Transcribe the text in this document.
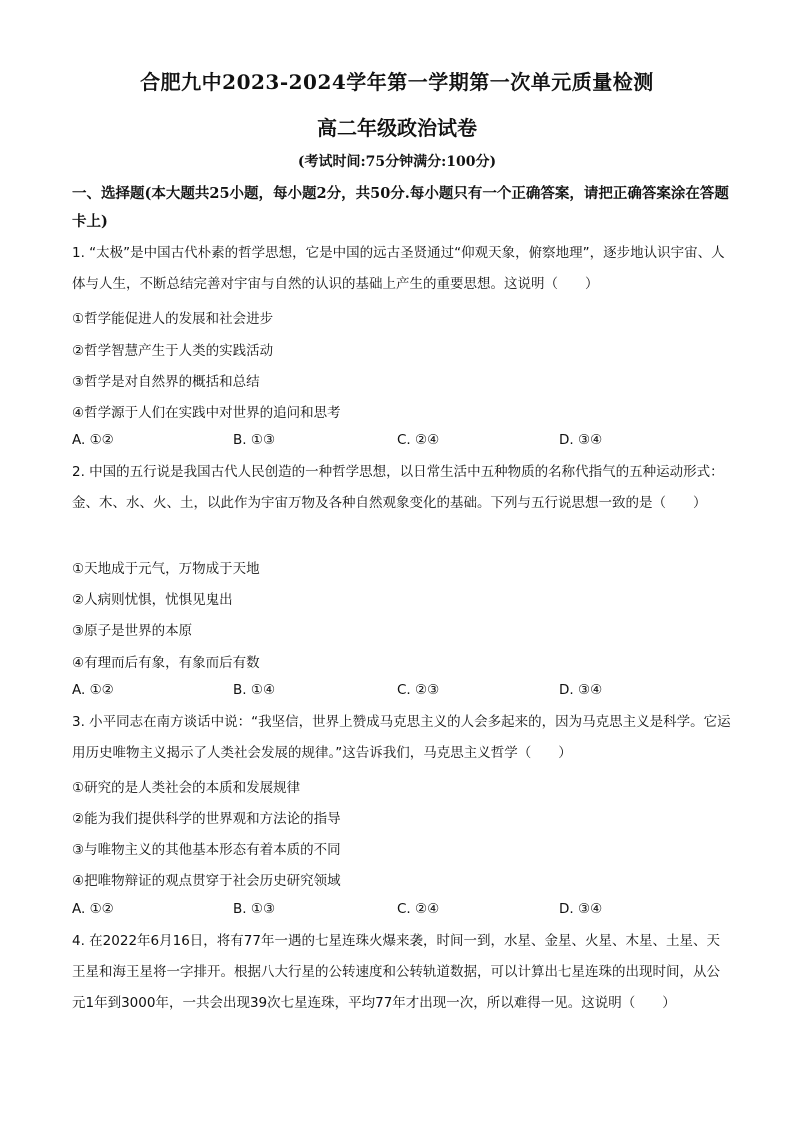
合肥九中2023-2024学年第一学期第一次单元质量检测
高二年级政治试卷
(考试时间:75分钟满分:100分)
一、选择题(本大题共25小题，每小题2分，共50分.每小题只有一个正确答案，请把正确答案涂在答题卡上)
1. “太极”是中国古代朴素的哲学思想，它是中国的远古圣贤通过“仰观天象，俯察地理”，逐步地认识宇宙、人体与人生，不断总结完善对宇宙与自然的认识的基础上产生的重要思想。这说明（　　）
①哲学能促进人的发展和社会进步
②哲学智慧产生于人类的实践活动
③哲学是对自然界的概括和总结
④哲学源于人们在实践中对世界的追问和思考
A. ①②	B. ①③	C. ②④	D. ③④
2. 中国的五行说是我国古代人民创造的一种哲学思想，以日常生活中五种物质的名称代指气的五种运动形式：金、木、水、火、土，以此作为宇宙万物及各种自然观象变化的基础。下列与五行说思想一致的是（　　）
①天地成于元气，万物成于天地
②人病则忧惧，忧惧见鬼出
③原子是世界的本原
④有理而后有象，有象而后有数
A. ①②	B. ①④	C. ②③	D. ③④
3. 小平同志在南方谈话中说：“我坚信，世界上赞成马克思主义的人会多起来的，因为马克思主义是科学。它运用历史唯物主义揭示了人类社会发展的规律。”这告诉我们，马克思主义哲学（　　）
①研究的是人类社会的本质和发展规律
②能为我们提供科学的世界观和方法论的指导
③与唯物主义的其他基本形态有着本质的不同
④把唯物辩证的观点贯穿于社会历史研究领域
A. ①②	B. ①③	C. ②④	D. ③④
4. 在2022年6月16日，将有77年一遇的七星连珠火爆来袭，时间一到，水星、金星、火星、木星、土星、天王星和海王星将一字排开。根据八大行星的公转速度和公转轨道数据，可以计算出七星连珠的出现时间，从公元1年到3000年，一共会出现39次七星连珠，平均77年才出现一次，所以难得一见。这说明（　　）
